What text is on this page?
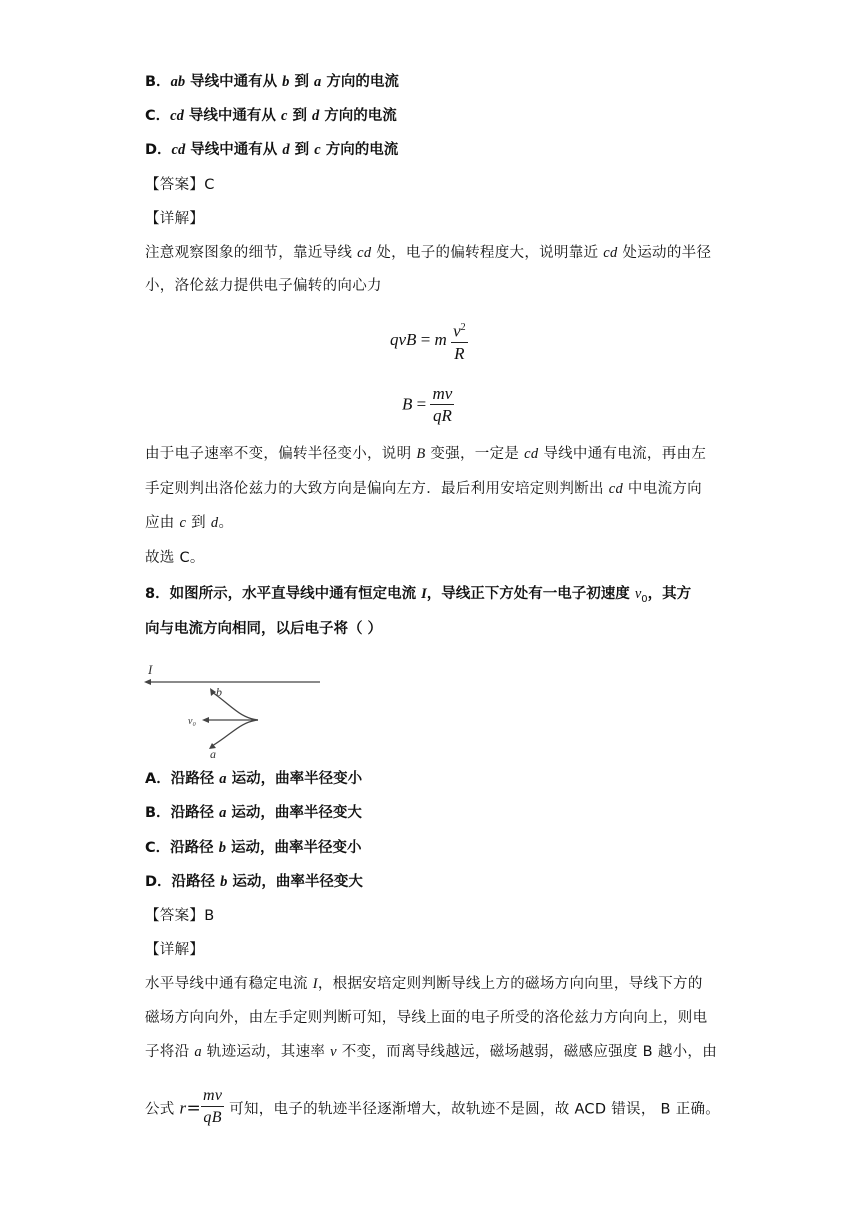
B．ab 导线中通有从 b 到 a 方向的电流
C．cd 导线中通有从 c 到 d 方向的电流
D．cd 导线中通有从 d 到 c 方向的电流
【答案】C
【详解】
注意观察图象的细节，靠近导线 cd 处，电子的偏转程度大，说明靠近 cd 处运动的半径
小，洛伦兹力提供电子偏转的向心力
qvB = m $\frac{v^2}{R}$
$B = \frac{mv}{qR}$
由于电子速率不变，偏转半径变小，说明 B 变强，一定是 cd 导线中通有电流，再由左
手定则判出洛伦兹力的大致方向是偏向左方．最后利用安培定则判断出 cd 中电流方向
应由 c 到 d。
故选 C。
8．如图所示，水平直导线中通有恒定电流 I，导线正下方处有一电子初速度 $v_0$，其方
向与电流方向相同，以后电子将（ ）
I
b
a
v₀
A．沿路径 a 运动，曲率半径变小
B．沿路径 a 运动，曲率半径变大
C．沿路径 b 运动，曲率半径变小
D．沿路径 b 运动，曲率半径变大
【答案】B
【详解】
水平导线中通有稳定电流 I，根据安培定则判断导线上方的磁场方向向里，导线下方的
磁场方向向外，由左手定则判断可知，导线上面的电子所受的洛伦兹力方向向上，则电
子将沿 a 轨迹运动，其速率 v 不变，而离导线越远，磁场越弱，磁感应强度 B 越小，由
公式 $r= \frac{mv}{qB}$ 可知，电子的轨迹半径逐渐增大，故轨迹不是圆，故 ACD 错误， B 正确。
